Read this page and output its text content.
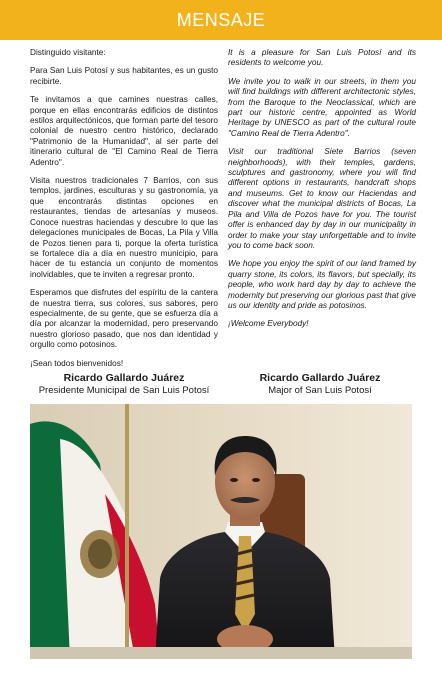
MENSAJE

Distinguido visitante:

Para San Luis Potosí y sus habitantes, es un gusto recibirte.

Te invitamos a que camines nuestras calles, porque en ellas encontrarás edificios de distintos estilos arquitectónicos, que forman parte del tesoro colonial de nuestro centro histórico, declarado "Patrimonio de la Humanidad", al ser parte del itinerario cultural de "El Camino Real de Tierra Adentro".

Visita nuestros tradicionales 7 Barrios, con sus templos, jardines, esculturas y su gastronomía, ya que encontrarás distintas opciones en restaurantes, tiendas de artesanías y museos. Conoce nuestras haciendas y descubre lo que las delegaciones municipales de Bocas, La Pila y Villa de Pozos tienen para ti, porque la oferta turística se fortalece día a día en nuestro municipio, para hacer de tu estancia un conjunto de momentos inolvidables, que te inviten a regresar pronto.

Esperamos que disfrutes del espíritu de la cantera de nuestra tierra, sus colores, sus sabores, pero especialmente, de su gente, que se esfuerza día a día por alcanzar la modernidad, pero preservando nuestro glorioso pasado, que nos dan identidad y orgullo como potosinos.

¡Sean todos bienvenidos!

It is a pleasure for San Luis Potosí and its residents to welcome you.

We invite you to walk in our streets, in them you will find buildings with different architectonic styles, from the Baroque to the Neoclassical, which are part our historic centre, appointed as World Heritage by UNESCO as part of the cultural route "Camino Real de Tierra Adentro".

Visit our traditional Siete Barrios (seven neighborhoods), with their temples, gardens, sculptures and gastronomy, where you will find different options in restaurants, handcraft shops and museums. Get to know our Haciendas and discover what the municipal districts of Bocas, La Pila and Villa de Pozos have for you. The tourist offer is enhanced day by day in our municipality in order to make your stay unforgettable and to invite you to come back soon.

We hope you enjoy the spirit of our land framed by quarry stone, its colors, its flavors, but specially, its people, who work hard day by day to achieve the modernity but preserving our glorious past that give us our identity and pride as potosinos.

¡Welcome Everybody!

Ricardo Gallardo Juárez
Presidente Municipal de San Luis Potosí
Ricardo Gallardo Juárez
Major of San Luis Potosí
